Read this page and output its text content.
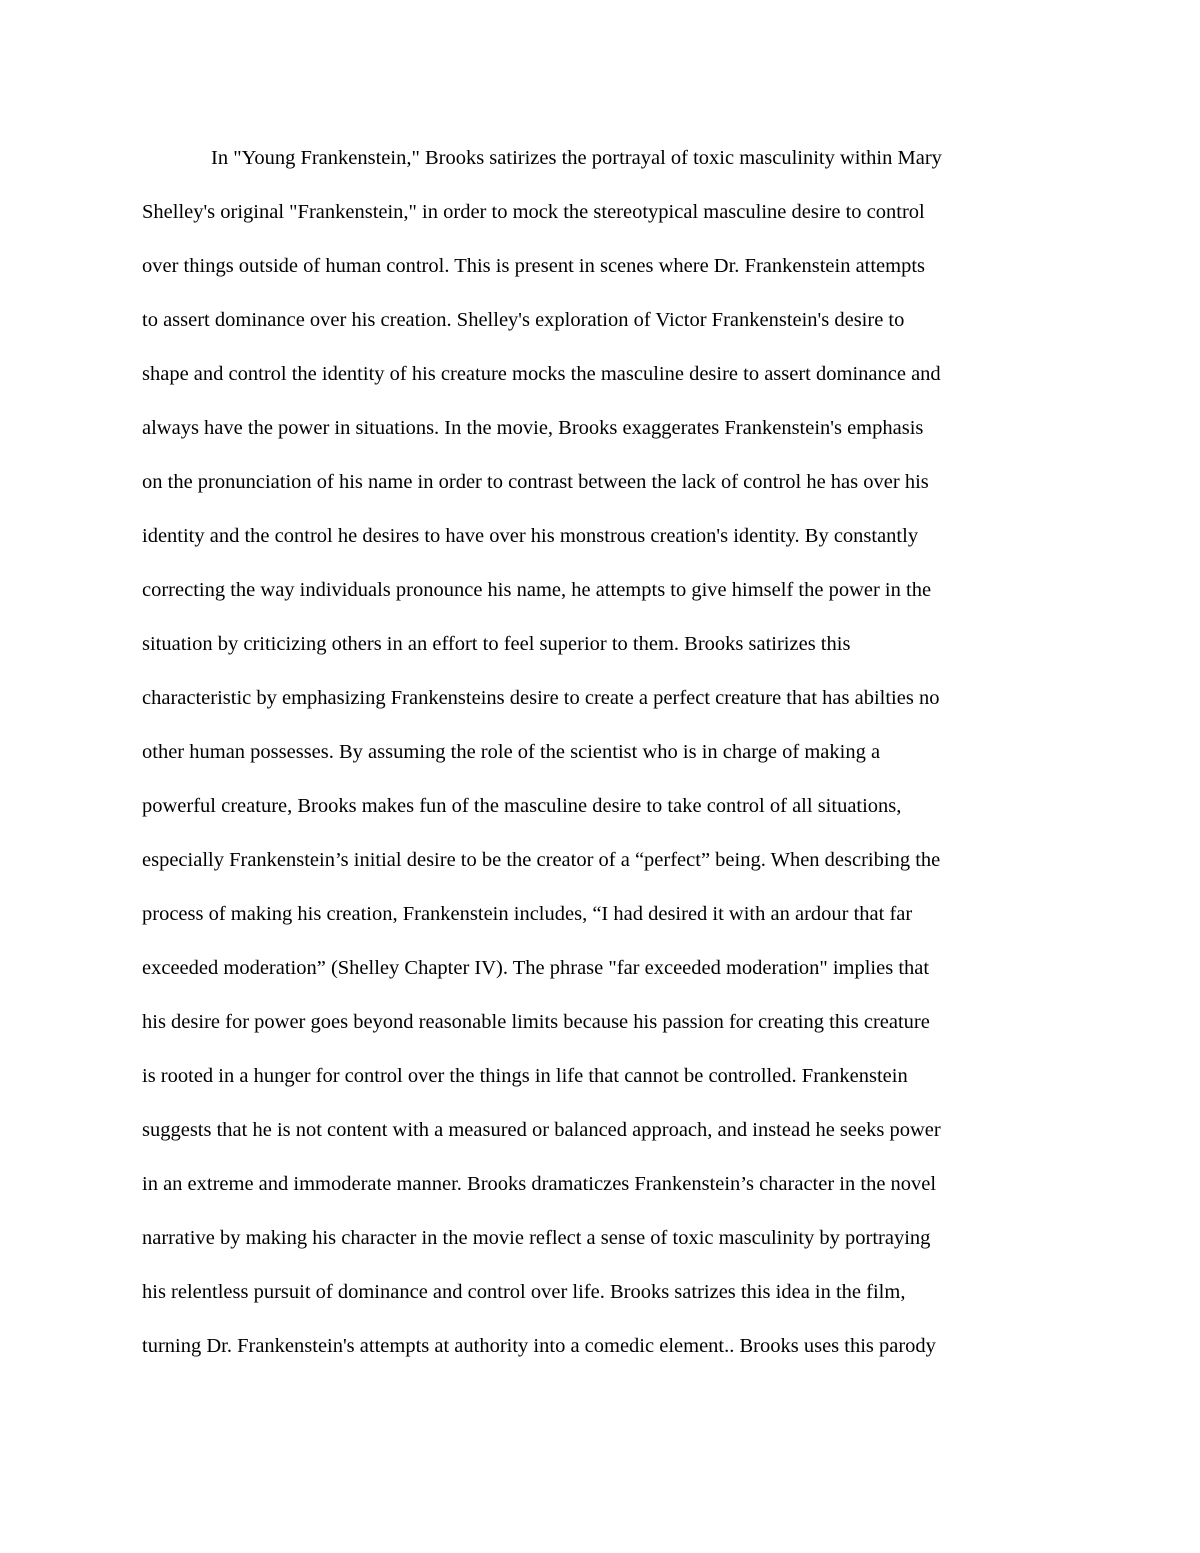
In "Young Frankenstein," Brooks satirizes the portrayal of toxic masculinity within Mary
Shelley's original "Frankenstein," in order to mock the stereotypical masculine desire to control
over things outside of human control. This is present in scenes where Dr. Frankenstein attempts
to assert dominance over his creation. Shelley's exploration of Victor Frankenstein's desire to
shape and control the identity of his creature mocks the masculine desire to assert dominance and
always have the power in situations. In the movie, Brooks exaggerates Frankenstein's emphasis
on the pronunciation of his name in order to contrast between the lack of control he has over his
identity and the control he desires to have over his monstrous creation's identity. By constantly
correcting the way individuals pronounce his name, he attempts to give himself the power in the
situation by criticizing others in an effort to feel superior to them. Brooks satirizes this
characteristic by emphasizing Frankensteins desire to create a perfect creature that has abilties no
other human possesses. By assuming the role of the scientist who is in charge of making a
powerful creature, Brooks makes fun of the masculine desire to take control of all situations,
especially Frankenstein’s initial desire to be the creator of a “perfect” being. When describing the
process of making his creation, Frankenstein includes, “I had desired it with an ardour that far
exceeded moderation” (Shelley Chapter IV). The phrase "far exceeded moderation" implies that
his desire for power goes beyond reasonable limits because his passion for creating this creature
is rooted in a hunger for control over the things in life that cannot be controlled. Frankenstein
suggests that he is not content with a measured or balanced approach, and instead he seeks power
in an extreme and immoderate manner. Brooks dramaticzes Frankenstein’s character in the novel
narrative by making his character in the movie reflect a sense of toxic masculinity by portraying
his relentless pursuit of dominance and control over life. Brooks satrizes this idea in the film,
turning Dr. Frankenstein's attempts at authority into a comedic element.. Brooks uses this parody
